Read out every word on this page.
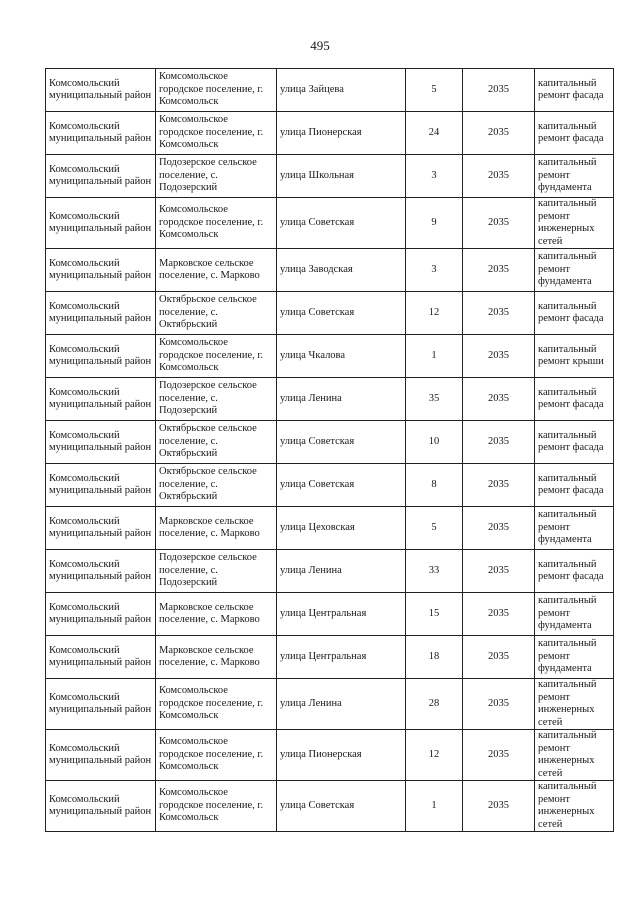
495
Комсомольский муниципальный район	Комсомольское городское поселение, г. Комсомольск	улица Зайцева	5	2035	капитальный ремонт фасада
Комсомольский муниципальный район	Комсомольское городское поселение, г. Комсомольск	улица Пионерская	24	2035	капитальный ремонт фасада
Комсомольский муниципальный район	Подозерское сельское поселение, с. Подозерский	улица Школьная	3	2035	капитальный ремонт фундамента
Комсомольский муниципальный район	Комсомольское городское поселение, г. Комсомольск	улица Советская	9	2035	капитальный ремонт инженерных сетей
Комсомольский муниципальный район	Марковское сельское поселение, с. Марково	улица Заводская	3	2035	капитальный ремонт фундамента
Комсомольский муниципальный район	Октябрьское сельское поселение, с. Октябрьский	улица Советская	12	2035	капитальный ремонт фасада
Комсомольский муниципальный район	Комсомольское городское поселение, г. Комсомольск	улица Чкалова	1	2035	капитальный ремонт крыши
Комсомольский муниципальный район	Подозерское сельское поселение, с. Подозерский	улица Ленина	35	2035	капитальный ремонт фасада
Комсомольский муниципальный район	Октябрьское сельское поселение, с. Октябрьский	улица Советская	10	2035	капитальный ремонт фасада
Комсомольский муниципальный район	Октябрьское сельское поселение, с. Октябрьский	улица Советская	8	2035	капитальный ремонт фасада
Комсомольский муниципальный район	Марковское сельское поселение, с. Марково	улица Цеховская	5	2035	капитальный ремонт фундамента
Комсомольский муниципальный район	Подозерское сельское поселение, с. Подозерский	улица Ленина	33	2035	капитальный ремонт фасада
Комсомольский муниципальный район	Марковское сельское поселение, с. Марково	улица Центральная	15	2035	капитальный ремонт фундамента
Комсомольский муниципальный район	Марковское сельское поселение, с. Марково	улица Центральная	18	2035	капитальный ремонт фундамента
Комсомольский муниципальный район	Комсомольское городское поселение, г. Комсомольск	улица Ленина	28	2035	капитальный ремонт инженерных сетей
Комсомольский муниципальный район	Комсомольское городское поселение, г. Комсомольск	улица Пионерская	12	2035	капитальный ремонт инженерных сетей
Комсомольский муниципальный район	Комсомольское городское поселение, г. Комсомольск	улица Советская	1	2035	капитальный ремонт инженерных сетей
